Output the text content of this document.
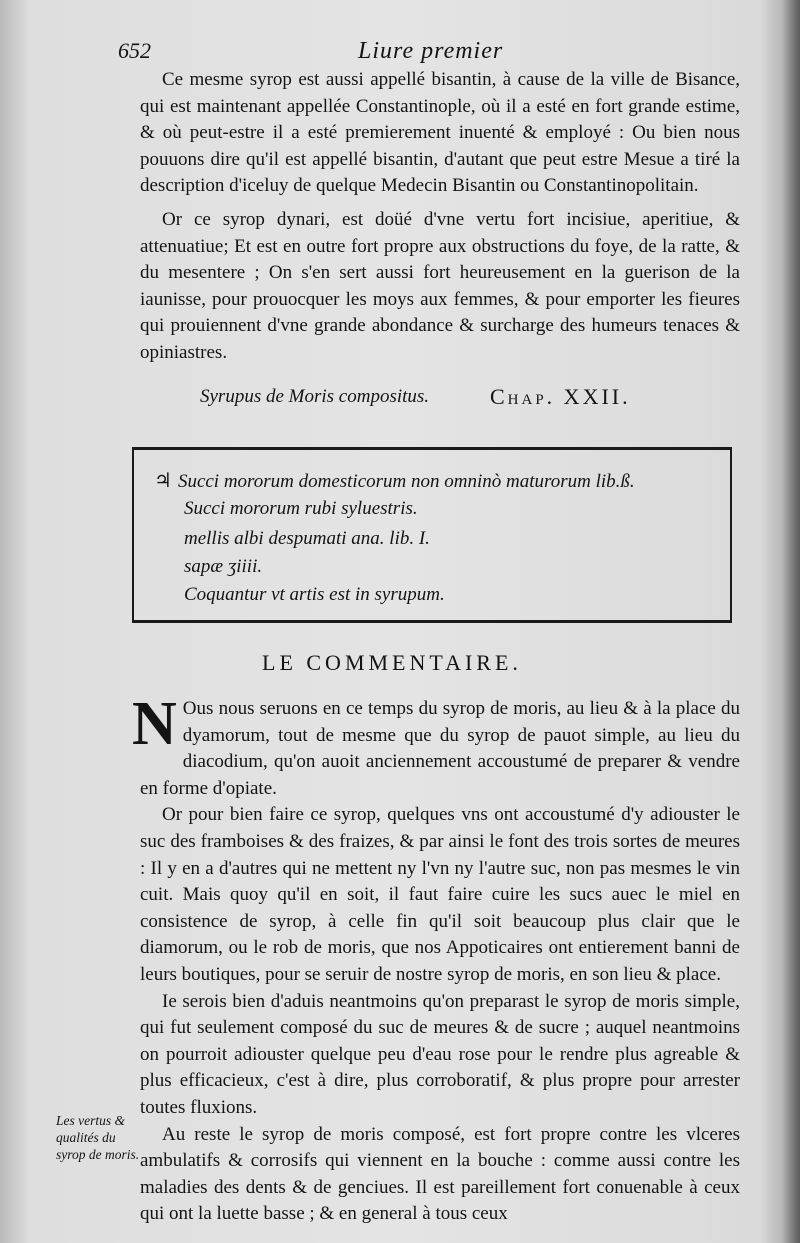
652	Liure premier

Ce mesme syrop est aussi appellé bisantin, à cause de la ville de Bisance, qui est maintenant appellée Constantinople, où il a esté en fort grande estime, & où peut-estre il a esté premierement inuenté & employé : Ou bien nous pouuons dire qu'il est appellé bisantin, d'autant que peut estre Mesue a tiré la description d'iceluy de quelque Medecin Bisantin ou Constantinopolitain.

Or ce syrop dynari, est doüé d'vne vertu fort incisiue, aperitiue, & attenuatiue; Et est en outre fort propre aux obstructions du foye, de la ratte, & du mesentere ; On s'en sert aussi fort heureusement en la guerison de la iaunisse, pour prouocquer les moys aux femmes, & pour emporter les fieures qui prouiennent d'vne grande abondance & surcharge des humeurs tenaces & opiniastres.

Syrupus de Moris compositus.	Chap. XXII.
♃ Succi mororum domesticorum non omninò maturorum lib.ß.
Succi mororum rubi syluestris.
mellis albi despumati ana. lib. I.
sapæ ʒiiii.
Coquantur vt artis est in syrupum.
LE COMMENTAIRE.

N Ous nous seruons en ce temps du syrop de moris, au lieu & à la place du dyamorum, tout de mesme que du syrop de pauot simple, au lieu du diacodium, qu'on auoit anciennement accoustumé de preparer & vendre en forme d'opiate.

Or pour bien faire ce syrop, quelques vns ont accoustumé d'y adiouster le suc des framboises & des fraizes, & par ainsi le font des trois sortes de meures : Il y en a d'autres qui ne mettent ny l'vn ny l'autre suc, non pas mesmes le vin cuit. Mais quoy qu'il en soit, il faut faire cuire les sucs auec le miel en consistence de syrop, à celle fin qu'il soit beaucoup plus clair que le diamorum, ou le rob de moris, que nos Appoticaires ont entierement banni de leurs boutiques, pour se seruir de nostre syrop de moris, en son lieu & place.

Ie serois bien d'aduis neantmoins qu'on preparast le syrop de moris simple, qui fut seulement composé du suc de meures & de sucre ; auquel neantmoins on pourroit adiouster quelque peu d'eau rose pour le rendre plus agreable & plus efficacieux, c'est à dire, plus corroboratif, & plus propre pour arrester toutes fluxions.

Au reste le syrop de moris composé, est fort propre contre les vlceres ambulatifs & corrosifs qui viennent en la bouche : comme aussi contre les maladies des dents & de genciues. Il est pareillement fort conuenable à ceux qui ont la luette basse ; & en general à tous ceux

Les vertus & qualités du syrop de moris.
